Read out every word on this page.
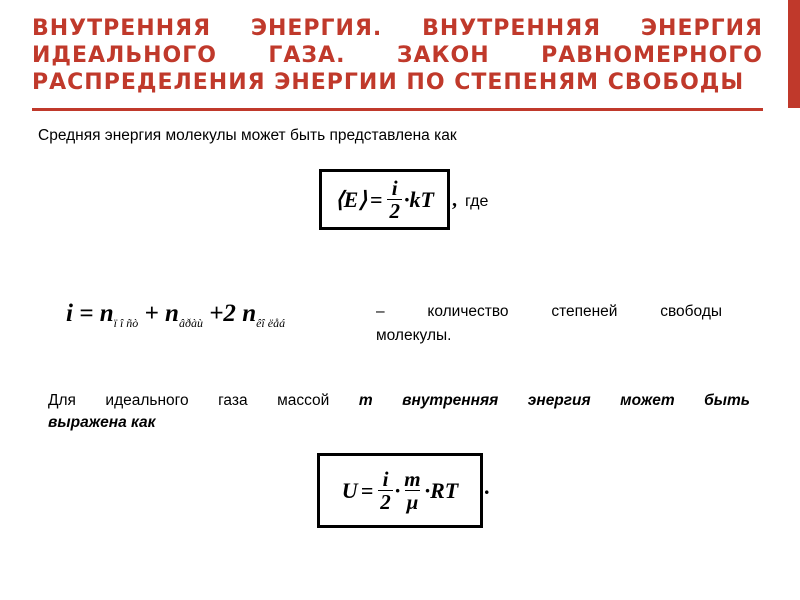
ВНУТРЕННЯЯ ЭНЕРГИЯ. ВНУТРЕННЯЯ ЭНЕРГИЯ
ИДЕАЛЬНОГО ГАЗА. ЗАКОН РАВНОМЕРНОГО
РАСПРЕДЕЛЕНИЯ ЭНЕРГИИ ПО СТЕПЕНЯМ СВОБОДЫ
Средняя энергия молекулы может быть представлена как
⟨E⟩ = $\frac{i}{2} \cdot kT$ , где
$i = n_{ï î ñò} + n_{âðàù} +2$ $n_{êî ëåá}$
– количество степеней свободы
молекулы.
Для идеального газа массой m внутренняя энергия может быть
выражена как
$U = \frac{i}{2} \cdot \frac{m}{\mu} \cdot RT$ .
